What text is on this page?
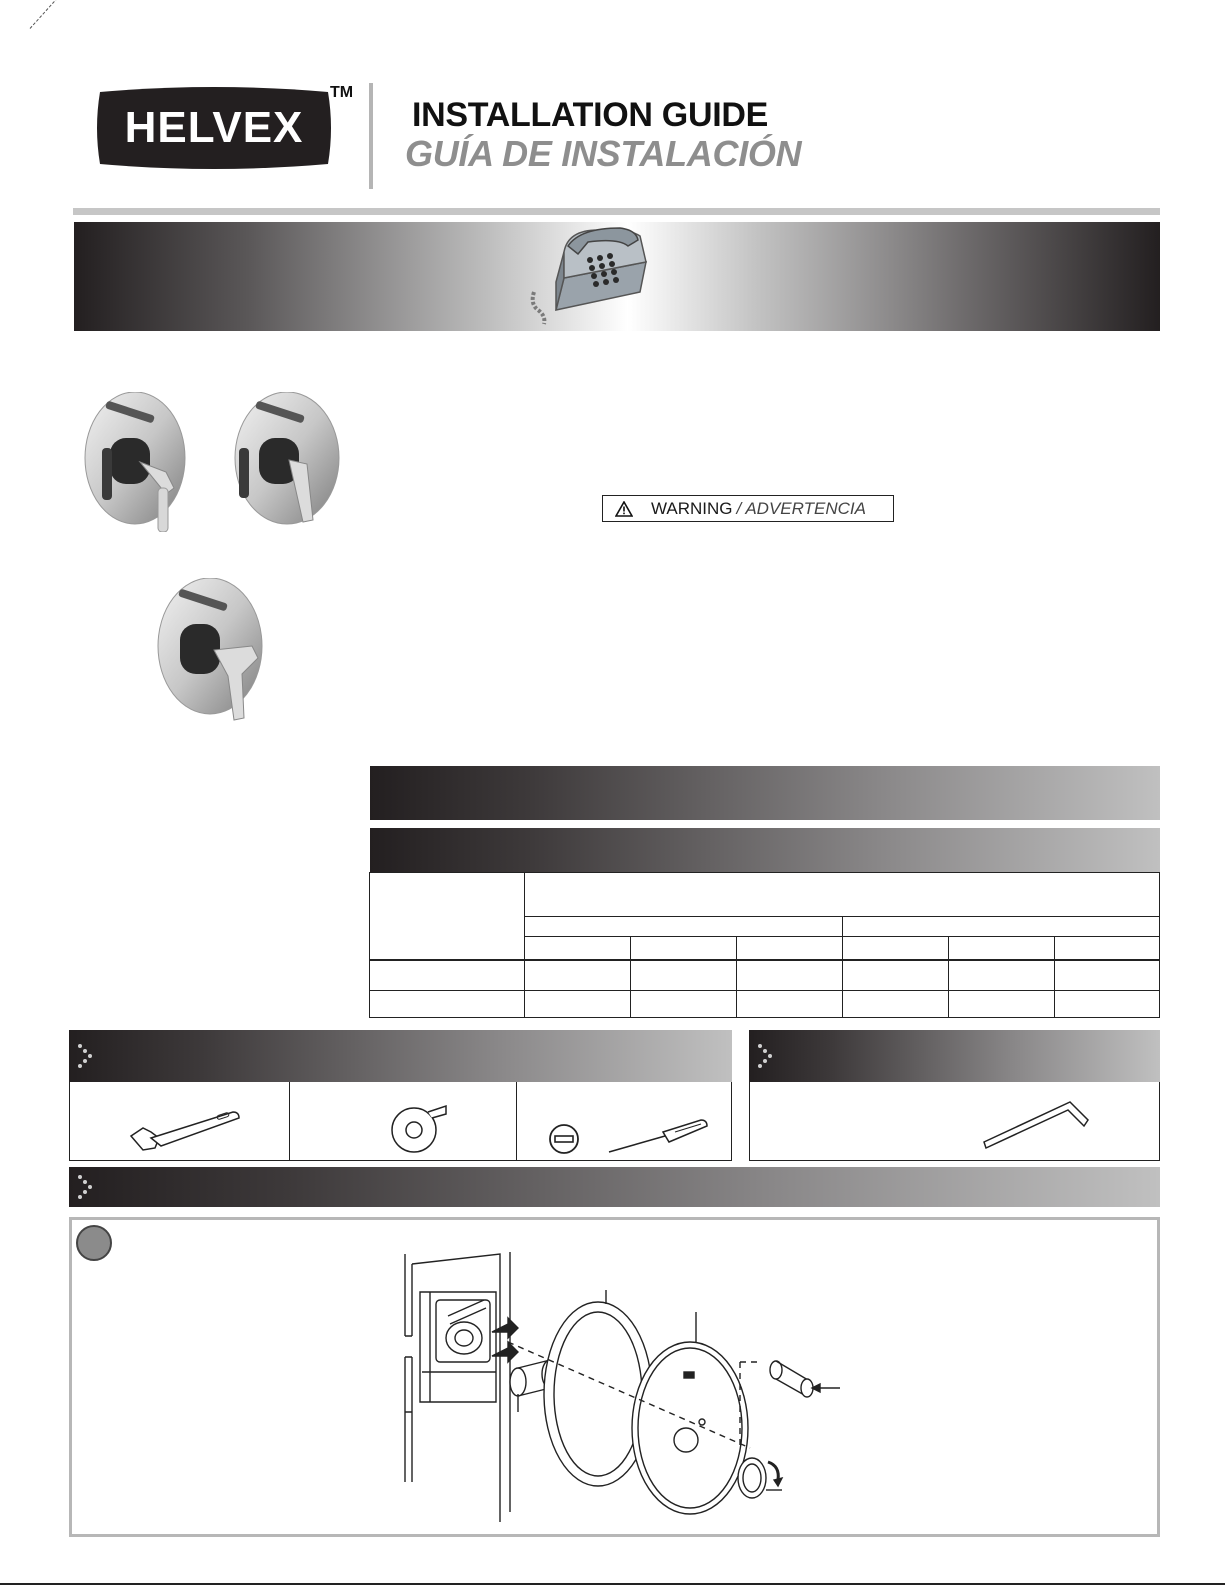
HELVEX
TM
INSTALLATION GUIDE
GUÍA DE INSTALACIÓN
WARNING / ADVERTENCIA
